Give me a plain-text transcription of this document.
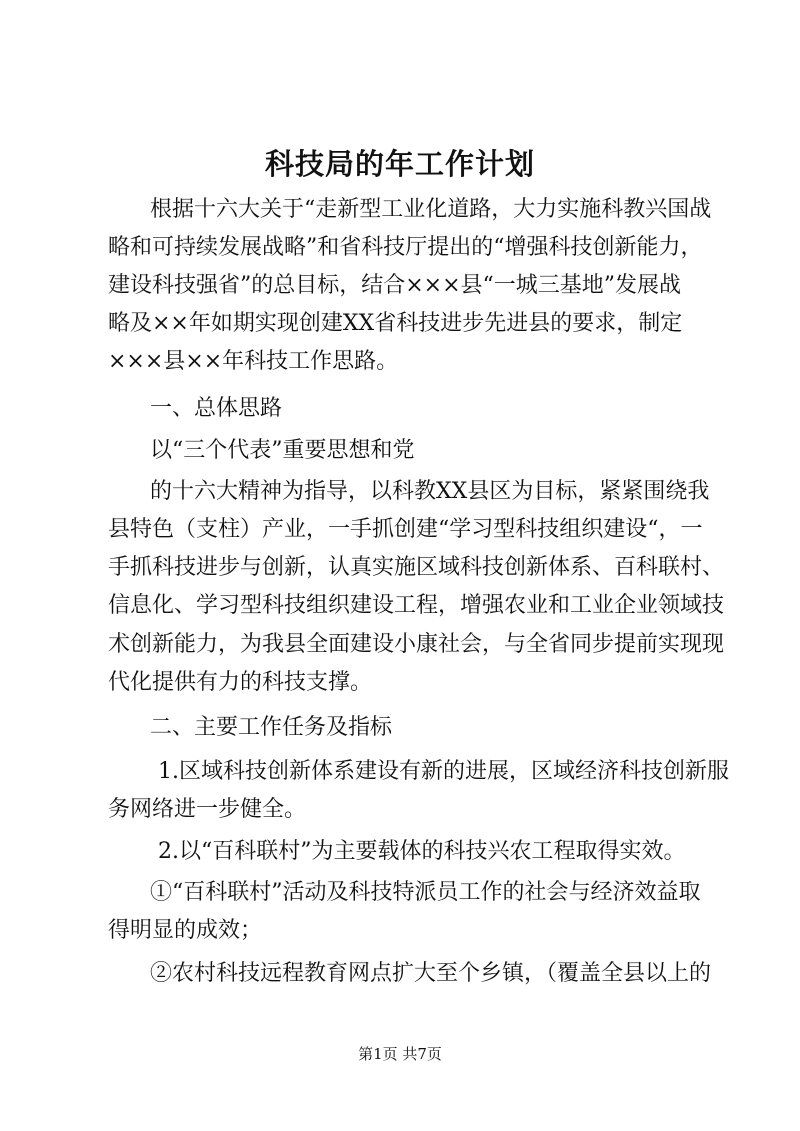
科技局的年工作计划
根据十六大关于“走新型工业化道路，大力实施科教兴国战
略和可持续发展战略”和省科技厅提出的“增强科技创新能力，
建设科技强省”的总目标，结合×××县“一城三基地”发展战
略及××年如期实现创建XX省科技进步先进县的要求，制定
×××县××年科技工作思路。
一、总体思路
以“三个代表”重要思想和党
的十六大精神为指导，以科教XX县区为目标，紧紧围绕我
县特色（支柱）产业，一手抓创建“学习型科技组织建设“，一
手抓科技进步与创新，认真实施区域科技创新体系、百科联村、
信息化、学习型科技组织建设工程，增强农业和工业企业领域技
术创新能力，为我县全面建设小康社会，与全省同步提前实现现
代化提供有力的科技支撑。
二、主要工作任务及指标
1.区域科技创新体系建设有新的进展，区域经济科技创新服
务网络进一步健全。
2.以“百科联村”为主要载体的科技兴农工程取得实效。
①“百科联村”活动及科技特派员工作的社会与经济效益取
得明显的成效；
②农村科技远程教育网点扩大至个乡镇，（覆盖全县以上的
第1页 共7页
